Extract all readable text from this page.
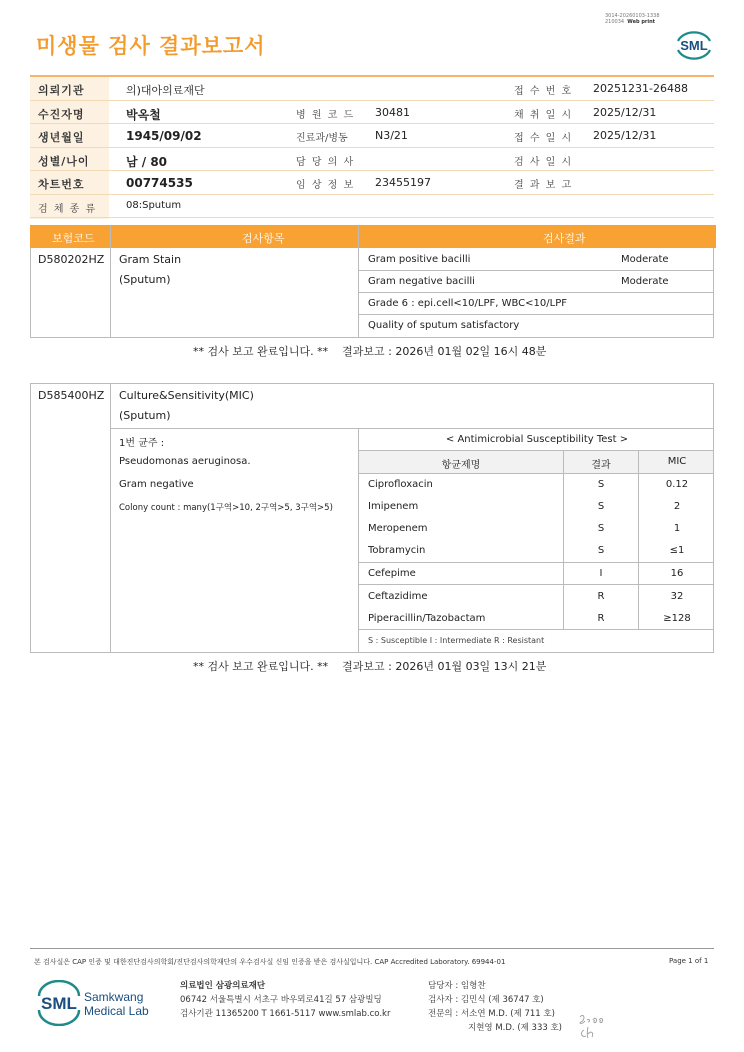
미생물 검사 결과보고서
3014-20260103-1338
210034 Web print
SML
의뢰기관	의)대아의료재단	접 수 번 호 20251231-26488
수진자명	박옥철	병 원 코 드 30481	채 취 일 시 2025/12/31
생년월일	1945/09/02	진료과/병동 N3/21	접 수 일 시 2025/12/31
성별/나이	남 / 80	담 당 의 사	검 사 일 시
차트번호	00774535	임 상 정 보 23455197	결 과 보 고
검 체 종 류	08:Sputum
보험코드	검사항목	검사결과
D580202HZ Gram Stain
(Sputum)
Gram positive bacilli	Moderate
Gram negative bacilli	Moderate
Grade 6 : epi.cell<10/LPF, WBC<10/LPF
Quality of sputum satisfactory
** 검사 보고 완료입니다. ** 결과보고 : 2026년 01월 02일 16시 48분
D585400HZ Culture&Sensitivity(MIC)
(Sputum)
1번 균주 :
Pseudomonas aeruginosa.
Gram negative
Colony count : many(1구역>10, 2구역>5, 3구역>5)
< Antimicrobial Susceptibility Test >
항균제명	결과	MIC
Ciprofloxacin	S	0.12
Imipenem	S	2
Meropenem	S	1
Tobramycin	S	≤1
Cefepime	I	16
Ceftazidime	R	32
Piperacillin/Tazobactam	R	≥128
S : Susceptible I : Intermediate R : Resistant
** 검사 보고 완료입니다. ** 결과보고 : 2026년 01월 03일 13시 21분
본 검사실은 CAP 인증 및 대한진단검사의학회/진단검사의학재단의 우수검사실 신임 인증을 받은 검사실입니다. CAP Accredited Laboratory. 69944-01	Page 1 of 1
SML Samkwang
Medical Lab
의료법인 삼광의료재단
06742 서울특별시 서초구 바우뫼로41길 57 삼광빌딩
검사기관 11365200 T 1661-5117 www.smlab.co.kr
담당자 : 임형찬
검사자 : 김민식 (제 36747 호)
전문의 : 서소연 M.D. (제 711 호)
지현영 M.D. (제 333 호)
